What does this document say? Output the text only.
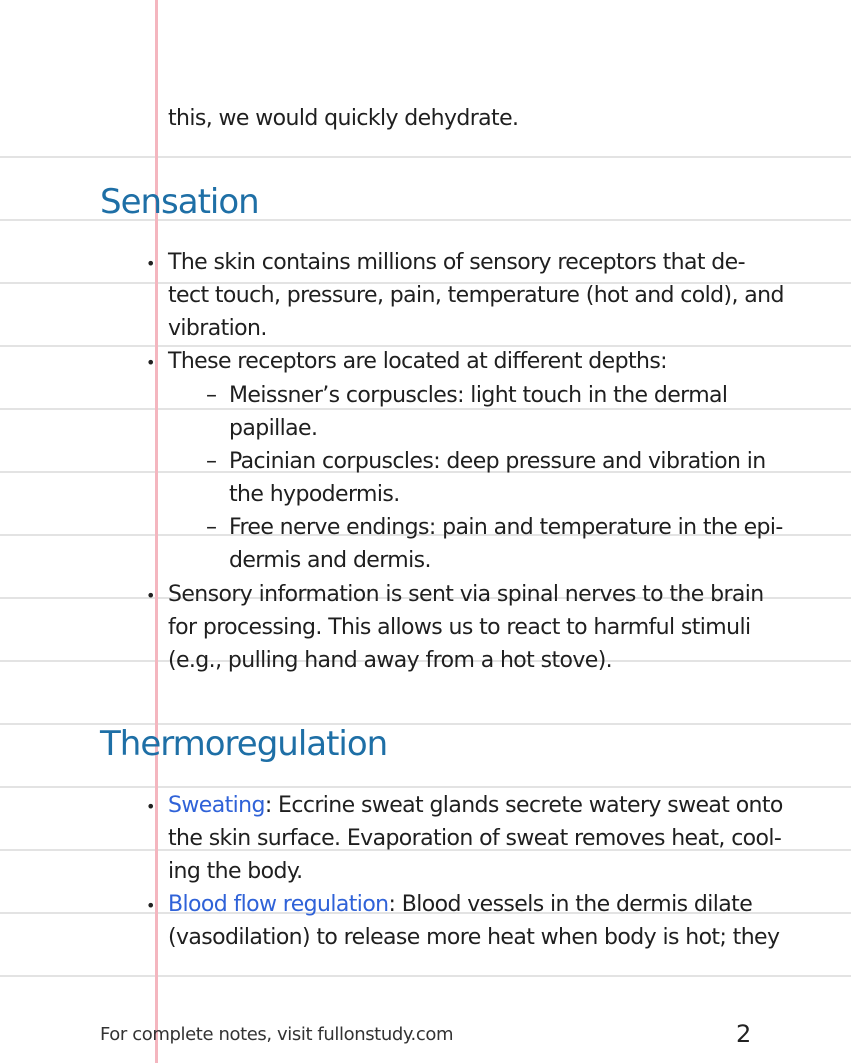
this, we would quickly dehydrate.
Sensation
• The skin contains millions of sensory receptors that de-
tect touch, pressure, pain, temperature (hot and cold), and
vibration.
• These receptors are located at different depths:
– Meissner’s corpuscles: light touch in the dermal
papillae.
– Pacinian corpuscles: deep pressure and vibration in
the hypodermis.
– Free nerve endings: pain and temperature in the epi-
dermis and dermis.
• Sensory information is sent via spinal nerves to the brain
for processing. This allows us to react to harmful stimuli
(e.g., pulling hand away from a hot stove).
Thermoregulation
• Sweating: Eccrine sweat glands secrete watery sweat onto
the skin surface. Evaporation of sweat removes heat, cool-
ing the body.
• Blood flow regulation: Blood vessels in the dermis dilate
(vasodilation) to release more heat when body is hot; they
For complete notes, visit fullonstudy.com	2
